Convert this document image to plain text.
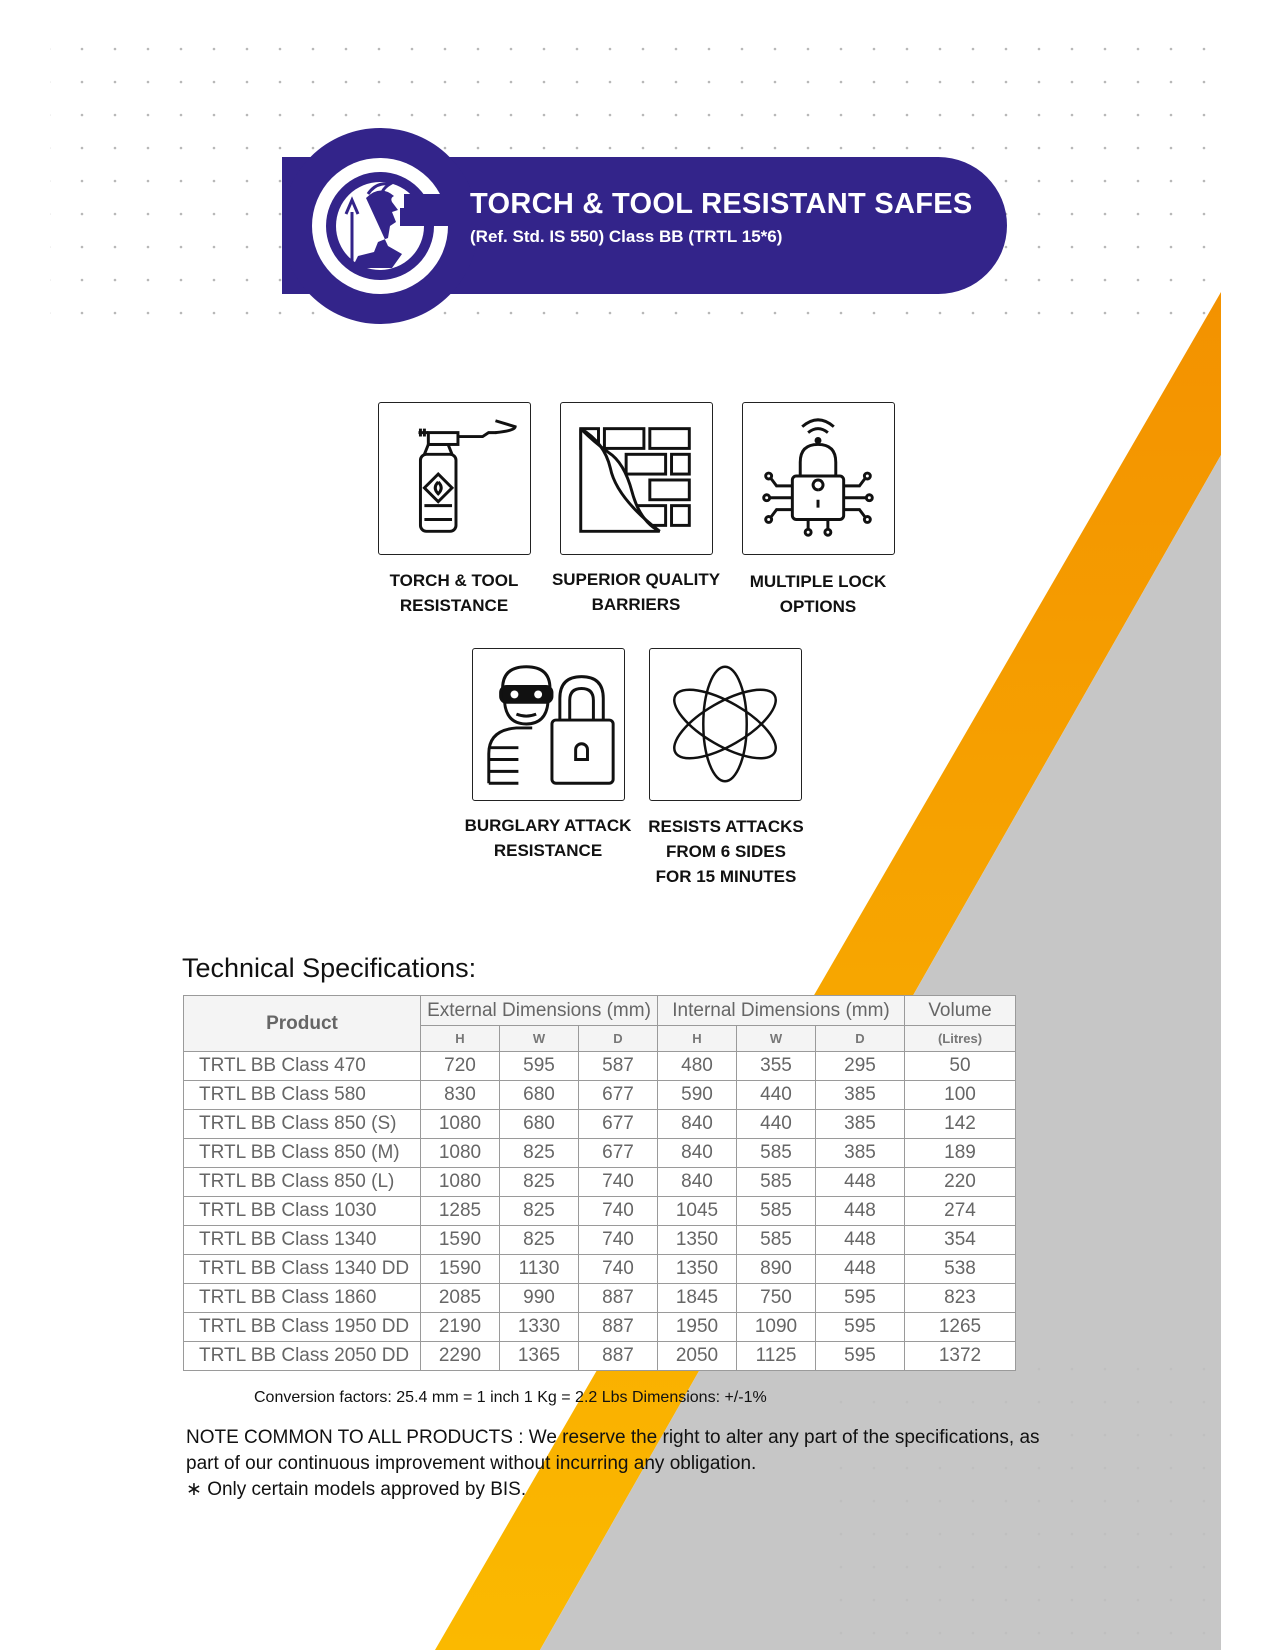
TORCH & TOOL RESISTANT SAFES
(Ref. Std. IS 550) Class BB (TRTL 15*6)
TORCH & TOOL
RESISTANCE
SUPERIOR QUALITY
BARRIERS
MULTIPLE LOCK
OPTIONS
BURGLARY ATTACK
RESISTANCE
RESISTS ATTACKS
FROM 6 SIDES
FOR 15 MINUTES
Technical Specifications:
Product	External Dimensions (mm)			Internal Dimensions (mm)			Volume
	H	W	D	H	W	D	(Litres)
TRTL BB Class 470	720	595	587	480	355	295	50
TRTL BB Class 580	830	680	677	590	440	385	100
TRTL BB Class 850 (S)	1080	680	677	840	440	385	142
TRTL BB Class 850 (M)	1080	825	677	840	585	385	189
TRTL BB Class 850 (L)	1080	825	740	840	585	448	220
TRTL BB Class 1030	1285	825	740	1045	585	448	274
TRTL BB Class 1340	1590	825	740	1350	585	448	354
TRTL BB Class 1340 DD	1590	1130	740	1350	890	448	538
TRTL BB Class 1860	2085	990	887	1845	750	595	823
TRTL BB Class 1950 DD	2190	1330	887	1950	1090	595	1265
TRTL BB Class 2050 DD	2290	1365	887	2050	1125	595	1372
Conversion factors: 25.4 mm = 1 inch 1 Kg = 2.2 Lbs Dimensions: +/-1%
NOTE COMMON TO ALL PRODUCTS : We reserve the right to alter any part of the specifications, as
part of our continuous improvement without incurring any obligation.
∗ Only certain models approved by BIS.
